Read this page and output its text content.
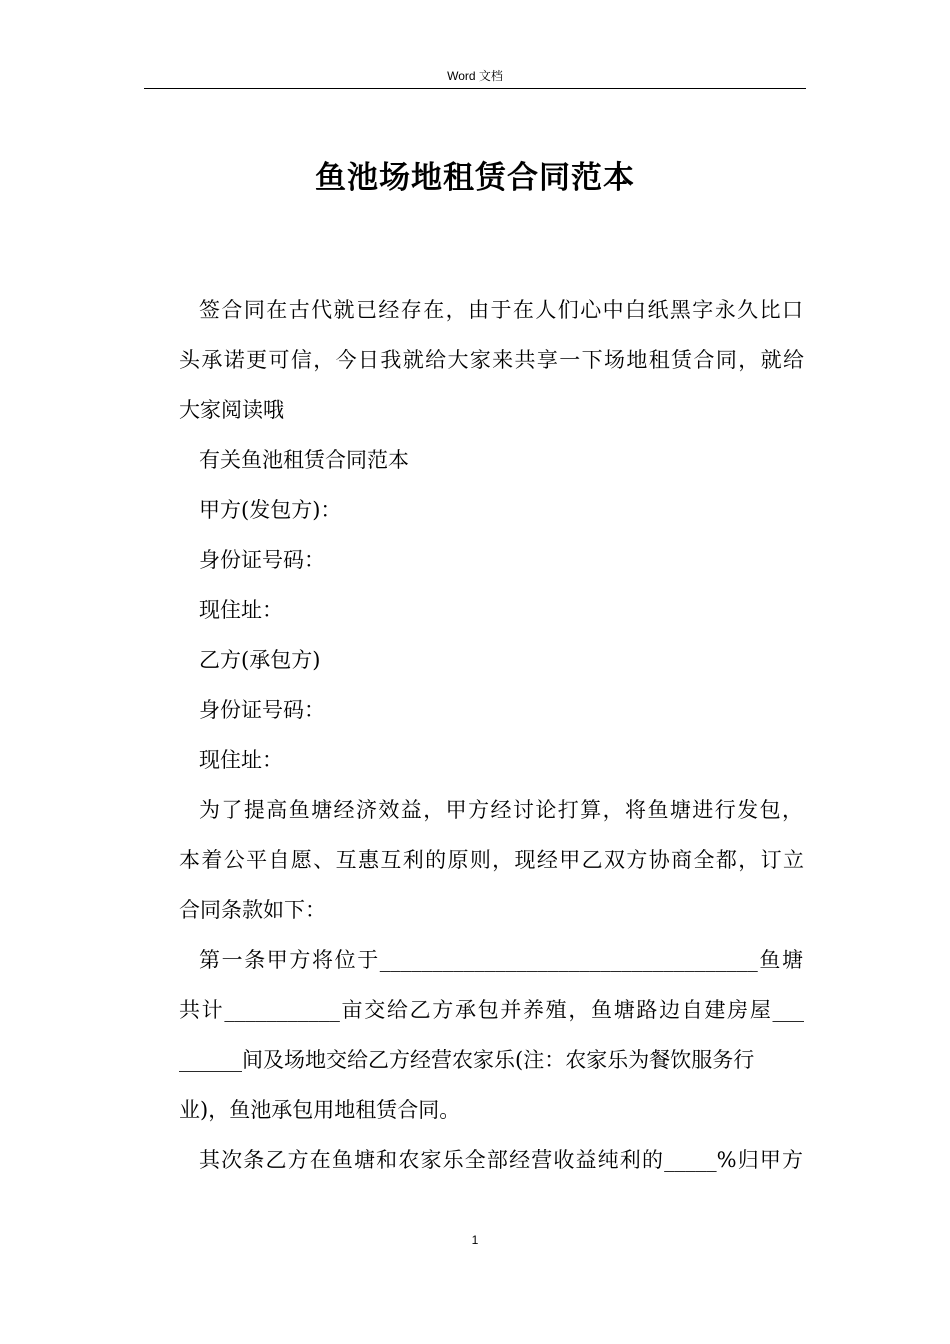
Word 文档
鱼池场地租赁合同范本
签合同在古代就已经存在，由于在人们心中白纸黑字永久比口
头承诺更可信，今日我就给大家来共享一下场地租赁合同，就给
大家阅读哦
有关鱼池租赁合同范本
甲方(发包方)：
身份证号码：
现住址：
乙方(承包方)
身份证号码：
现住址：
为了提高鱼塘经济效益，甲方经讨论打算，将鱼塘进行发包，
本着公平自愿、互惠互利的原则，现经甲乙双方协商全都，订立
合同条款如下：
第一条甲方将位于____________________________________鱼塘
共计___________亩交给乙方承包并养殖，鱼塘路边自建房屋___
______间及场地交给乙方经营农家乐(注：农家乐为餐饮服务行
业)，鱼池承包用地租赁合同。
其次条乙方在鱼塘和农家乐全部经营收益纯利的_____%归甲方
1
